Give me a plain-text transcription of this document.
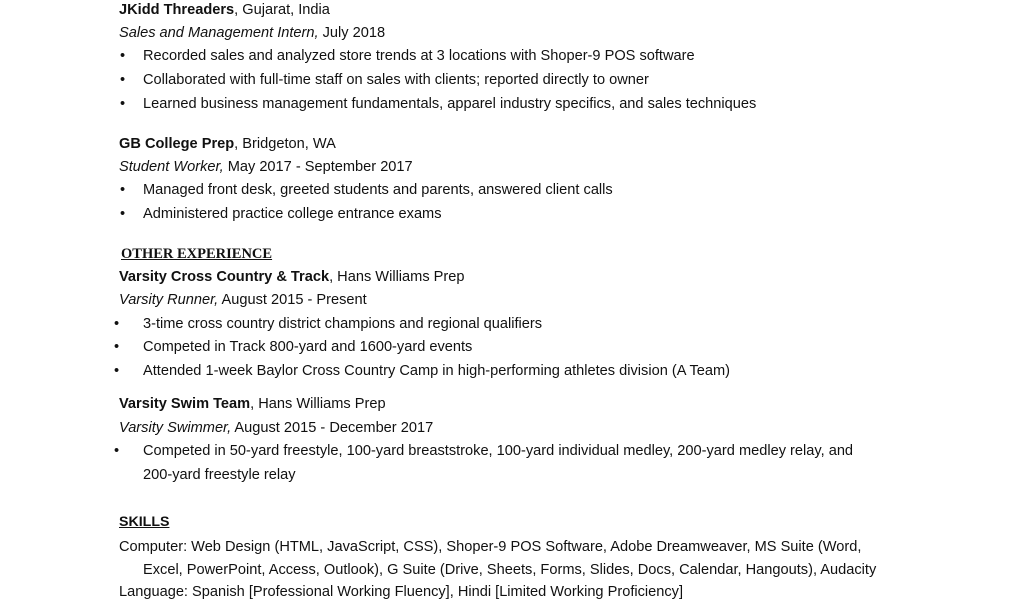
JKidd Threaders, Gujarat, India
Sales and Management Intern, July 2018
• Recorded sales and analyzed store trends at 3 locations with Shoper-9 POS software
• Collaborated with full-time staff on sales with clients; reported directly to owner
• Learned business management fundamentals, apparel industry specifics, and sales techniques
GB College Prep, Bridgeton, WA
Student Worker, May 2017 - September 2017
• Managed front desk, greeted students and parents, answered client calls
• Administered practice college entrance exams
OTHER EXPERIENCE
Varsity Cross Country & Track, Hans Williams Prep
Varsity Runner, August 2015 - Present
• 3-time cross country district champions and regional qualifiers
• Competed in Track 800-yard and 1600-yard events
• Attended 1-week Baylor Cross Country Camp in high-performing athletes division (A Team)
Varsity Swim Team, Hans Williams Prep
Varsity Swimmer, August 2015 - December 2017
• Competed in 50-yard freestyle, 100-yard breaststroke, 100-yard individual medley, 200-yard medley relay, and
200-yard freestyle relay
SKILLS
Computer: Web Design (HTML, JavaScript, CSS), Shoper-9 POS Software, Adobe Dreamweaver, MS Suite (Word,
Excel, PowerPoint, Access, Outlook), G Suite (Drive, Sheets, Forms, Slides, Docs, Calendar, Hangouts), Audacity
Language: Spanish [Professional Working Fluency], Hindi [Limited Working Proficiency]
